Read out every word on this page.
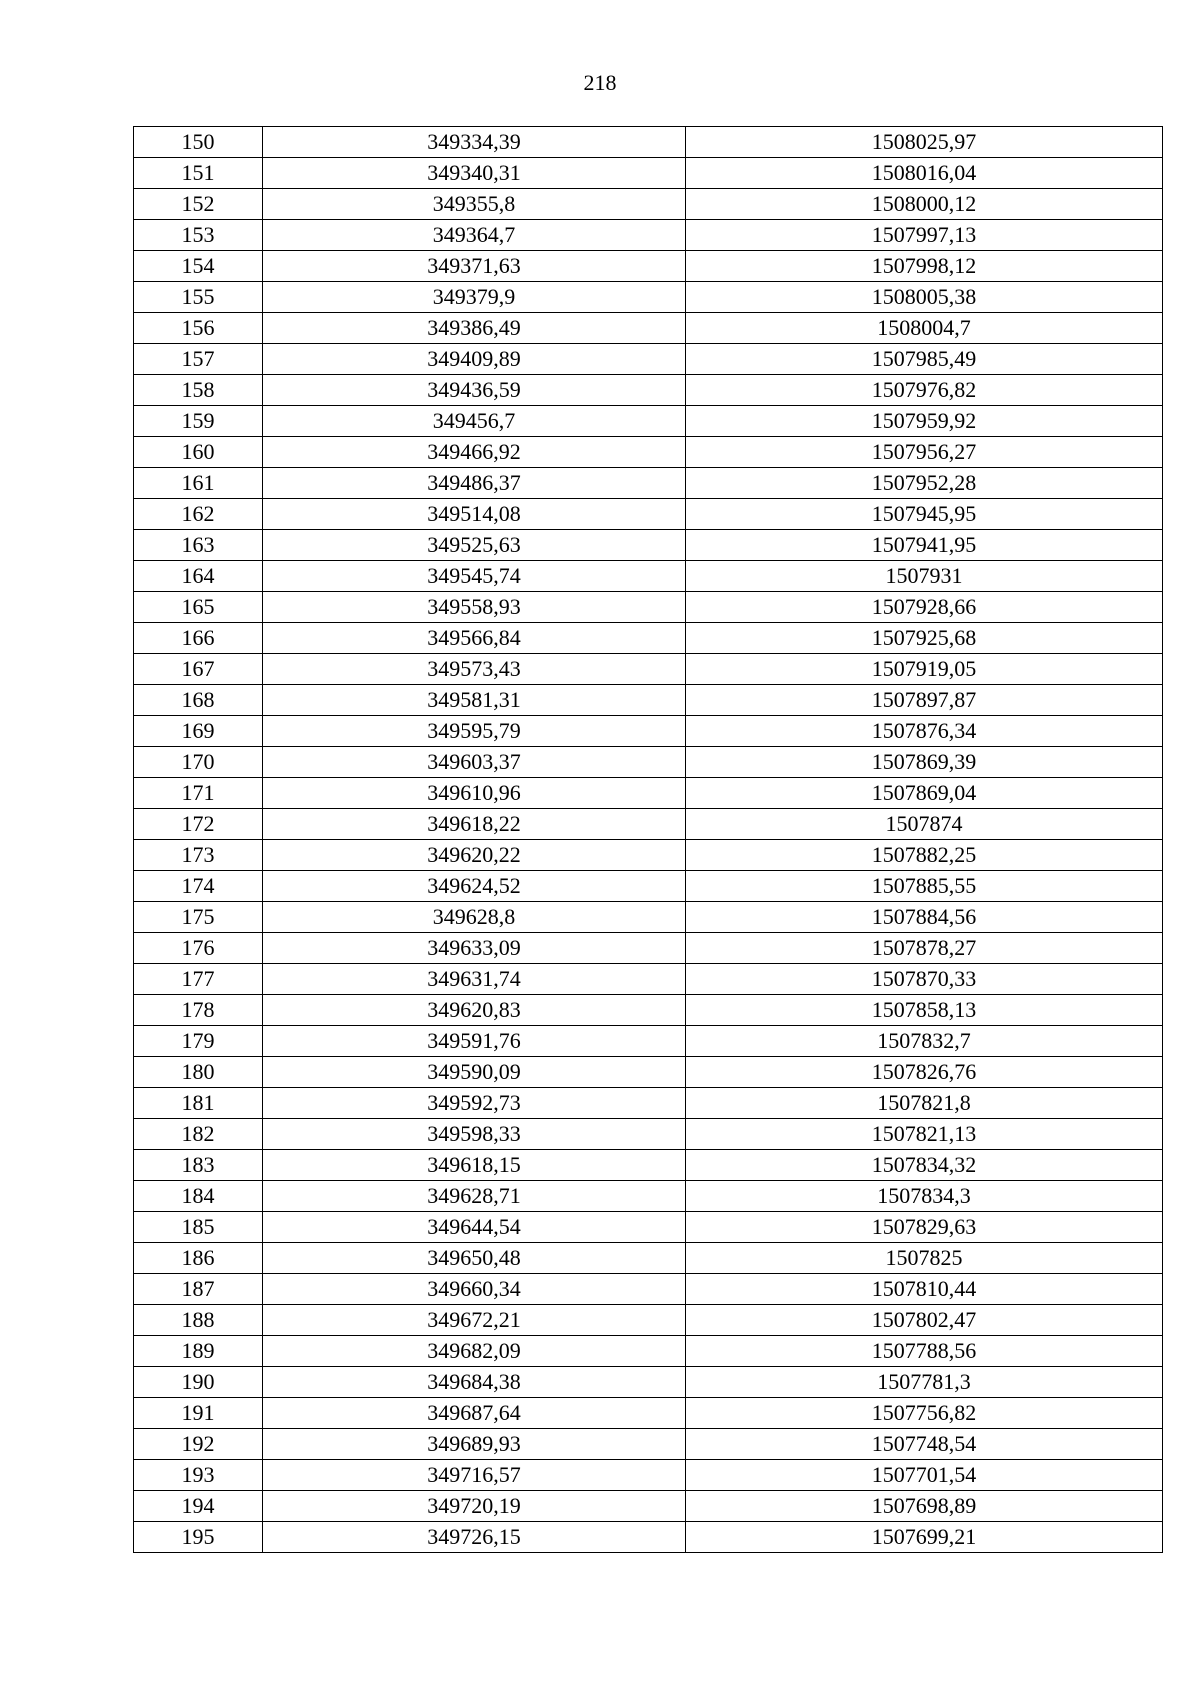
218
150	349334,39	1508025,97
151	349340,31	1508016,04
152	349355,8	1508000,12
153	349364,7	1507997,13
154	349371,63	1507998,12
155	349379,9	1508005,38
156	349386,49	1508004,7
157	349409,89	1507985,49
158	349436,59	1507976,82
159	349456,7	1507959,92
160	349466,92	1507956,27
161	349486,37	1507952,28
162	349514,08	1507945,95
163	349525,63	1507941,95
164	349545,74	1507931
165	349558,93	1507928,66
166	349566,84	1507925,68
167	349573,43	1507919,05
168	349581,31	1507897,87
169	349595,79	1507876,34
170	349603,37	1507869,39
171	349610,96	1507869,04
172	349618,22	1507874
173	349620,22	1507882,25
174	349624,52	1507885,55
175	349628,8	1507884,56
176	349633,09	1507878,27
177	349631,74	1507870,33
178	349620,83	1507858,13
179	349591,76	1507832,7
180	349590,09	1507826,76
181	349592,73	1507821,8
182	349598,33	1507821,13
183	349618,15	1507834,32
184	349628,71	1507834,3
185	349644,54	1507829,63
186	349650,48	1507825
187	349660,34	1507810,44
188	349672,21	1507802,47
189	349682,09	1507788,56
190	349684,38	1507781,3
191	349687,64	1507756,82
192	349689,93	1507748,54
193	349716,57	1507701,54
194	349720,19	1507698,89
195	349726,15	1507699,21
